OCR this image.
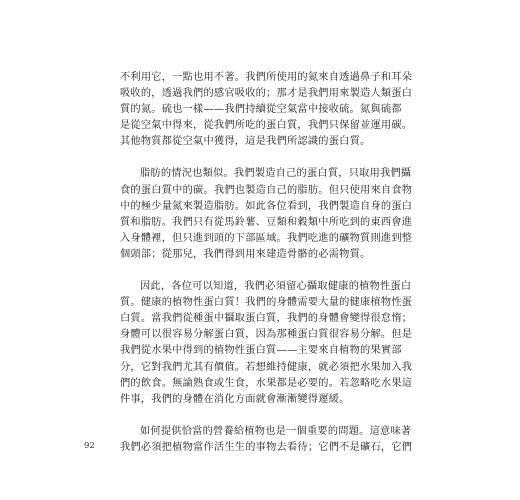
不利用它，一點也用不著。我們所使用的氮來自透過鼻子和耳朵
吸收的，透過我們的感官吸收的；那才是我們用來製造人類蛋白
質的氮。硫也一樣——我們持續從空氣當中接收硫。氮與硫都
是從空氣中得來，從我們所吃的蛋白質，我們只保留並運用碳。
其他物質都從空氣中獲得，這是我們所認識的蛋白質。

脂肪的情況也類似。我們製造自己的蛋白質，只取用我們攝
食的蛋白質中的碳。我們也製造自己的脂肪。但只使用來自食物
中的極少量氮來製造脂肪。如此各位看到，我們製造自身的蛋白
質和脂肪。我們只有從馬鈴薯、豆類和穀類中所吃到的東西會進
入身體裡，但只進到頭的下部區域。我們吃進的礦物質則進到整
個頭部；從那兒，我們得到用來建造骨骼的必需物質。

因此，各位可以知道，我們必須留心攝取健康的植物性蛋白
質。健康的植物性蛋白質！我們的身體需要大量的健康植物性蛋
白質。當我們從種蛋中攝取蛋白質，我們的身體會變得很怠惰；
身體可以很容易分解蛋白質，因為那種蛋白質很容易分解。但是
我們從水果中得到的植物性蛋白質——主要來自植物的果實部
分，它對我們尤其有價值。若想維持健康，就必須把水果加入我
們的飲食。無論熟食或生食，水果都是必要的。若忽略吃水果這
件事，我們的身體在消化方面就會漸漸變得遲緩。

如何提供恰當的營養給植物也是一個重要的問題。這意味著
我們必須把植物當作活生生的事物去看待；它們不是礦石，它們

92
